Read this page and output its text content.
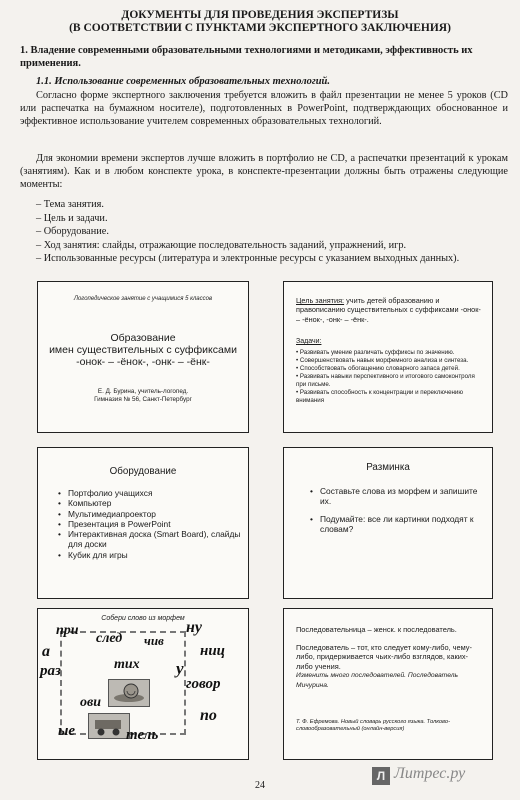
ДОКУМЕНТЫ ДЛЯ ПРОВЕДЕНИЯ ЭКСПЕРТИЗЫ
(В СООТВЕТСТВИИ С ПУНКТАМИ ЭКСПЕРТНОГО ЗАКЛЮЧЕНИЯ)
1. Владение современными образовательными технологиями и методиками, эффективность их применения.
1.1. Использование современных образовательных технологий.
Согласно форме экспертного заключения требуется вложить в файл презентации не менее 5 уроков (CD или распечатка на бумажном носителе), подготовленных в PowerPoint, подтверждающих обоснованное и эффективное использование учителем современных образовательных технологий.
Для экономии времени экспертов лучше вложить в портфолио не CD, а распечатки презентаций к урокам (занятиям). Как и в любом конспекте урока, в конспекте-презентации должны быть отражены следующие моменты:
– Тема занятия.
– Цель и задачи.
– Оборудование.
– Ход занятия: слайды, отражающие последовательность заданий, упражнений, игр.
– Использованные ресурсы (литература и электронные ресурсы с указанием выходных данных).
Логопедическое занятие с учащимися 5 классов
Образование
имен существительных с суффиксами
-онок- – -ёнок-, -онк- – -ёнк-
Е. Д. Бурина, учитель-логопед.
Гимназия № 56, Санкт-Петербург
Цель занятия: учить детей образованию и правописанию существительных с суффиксами -онок- – -ёнок-, -онк- – -ёнк-.
Задачи:
• Развивать умение различать суффиксы по значению.
• Совершенствовать навык морфемного анализа и синтеза.
• Способствовать обогащению словарного запаса детей.
• Развивать навыки перспективного и итогового самоконтроля при письме.
• Развивать способность к концентрации и переключению внимания
Оборудование
• Портфолио учащихся
• Компьютер
• Мультимедиапроектор
• Презентация в PowerPoint
• Интерактивная доска (Smart Board), слайды для доски
• Кубик для игры
Разминка
• Составьте слова из морфем и запишите их.
• Подумайте: все ли картинки подходят к словам?
Собери слово из морфем
а
при
след чив
ну
ниц
раз	тих у
говор
ови
ые	тель
по
Последовательница – женск. к последователь.
Последователь – тот, кто следует кому-либо, чему-либо, придерживается чьих-либо взглядов, каких-либо учения.
Изменить много последователей. Последователь Мичурина.
Т. Ф. Ефремова. Новый словарь русского языка. Толково-словообразовательный (онлайн-версия)
24
Л Литрес.ру
